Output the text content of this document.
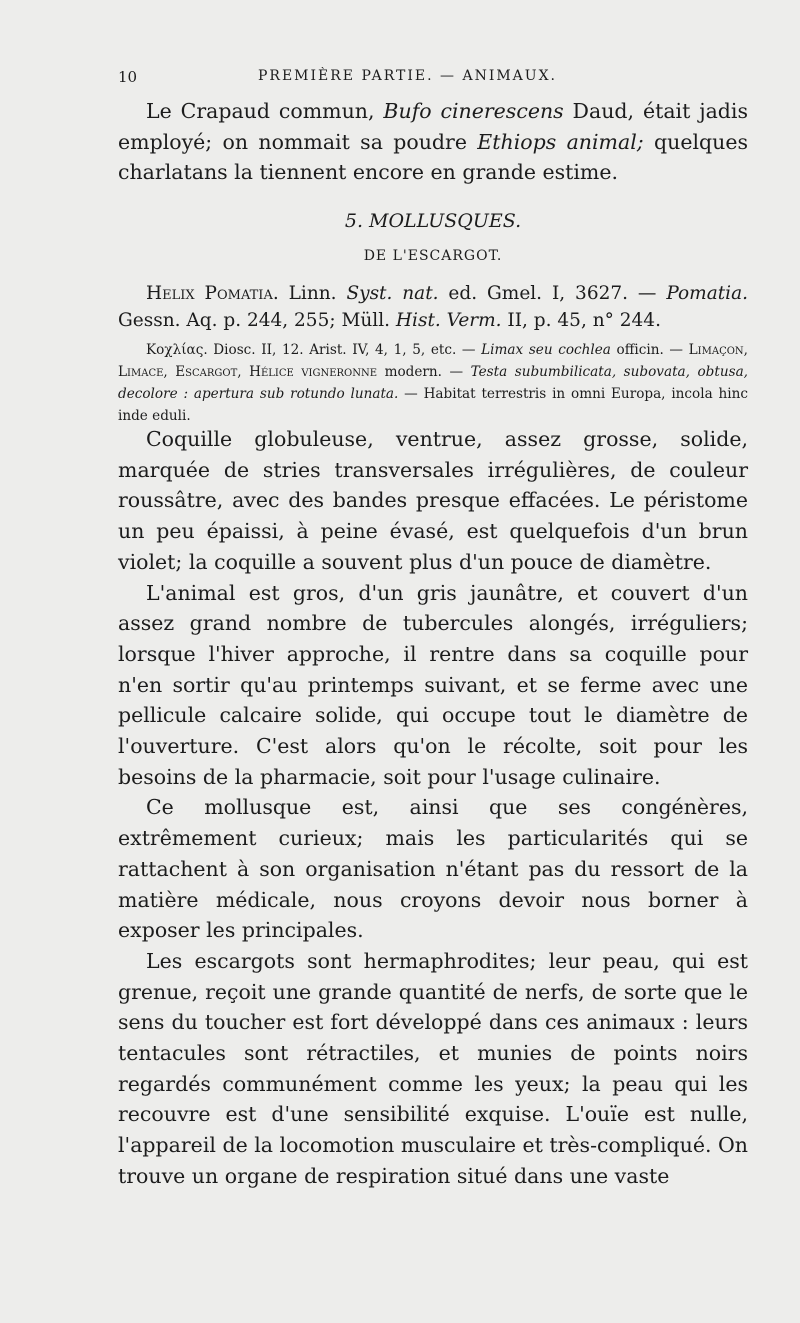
10	PREMIÈRE PARTIE. — ANIMAUX.

Le Crapaud commun, Bufo cinerescens Daud, était jadis employé; on nommait sa poudre Ethiops animal; quelques charlatans la tiennent encore en grande estime.

5. MOLLUSQUES.
DE L'ESCARGOT.

Helix Pomatia. Linn. Syst. nat. ed. Gmel. I, 3627. — Pomatia. Gessn. Aq. p. 244, 255; Müll. Hist. Verm. II, p. 45, n° 244.

Κοχλίας. Diosc. II, 12. Arist. IV, 4, 1, 5, etc. — Limax seu cochlea officin. — Limaçon, Limace, Escargot, Hélice vigneronne modern. — Testa subumbilicata, subovata, obtusa, decolore : apertura sub rotundo lunata. — Habitat terrestris in omni Europa, incola hinc inde eduli.

Coquille globuleuse, ventrue, assez grosse, solide, marquée de stries transversales irrégulières, de couleur roussâtre, avec des bandes presque effacées. Le péristome un peu épaissi, à peine évasé, est quelquefois d'un brun violet; la coquille a souvent plus d'un pouce de diamètre.

L'animal est gros, d'un gris jaunâtre, et couvert d'un assez grand nombre de tubercules alongés, irréguliers; lorsque l'hiver approche, il rentre dans sa coquille pour n'en sortir qu'au printemps suivant, et se ferme avec une pellicule calcaire solide, qui occupe tout le diamètre de l'ouverture. C'est alors qu'on le récolte, soit pour les besoins de la pharmacie, soit pour l'usage culinaire.

Ce mollusque est, ainsi que ses congénères, extrêmement curieux; mais les particularités qui se rattachent à son organisation n'étant pas du ressort de la matière médicale, nous croyons devoir nous borner à exposer les principales.

Les escargots sont hermaphrodites; leur peau, qui est grenue, reçoit une grande quantité de nerfs, de sorte que le sens du toucher est fort développé dans ces animaux : leurs tentacules sont rétractiles, et munies de points noirs regardés communément comme les yeux; la peau qui les recouvre est d'une sensibilité exquise. L'ouïe est nulle, l'appareil de la locomotion musculaire et très-compliqué. On trouve un organe de respiration situé dans une vaste
